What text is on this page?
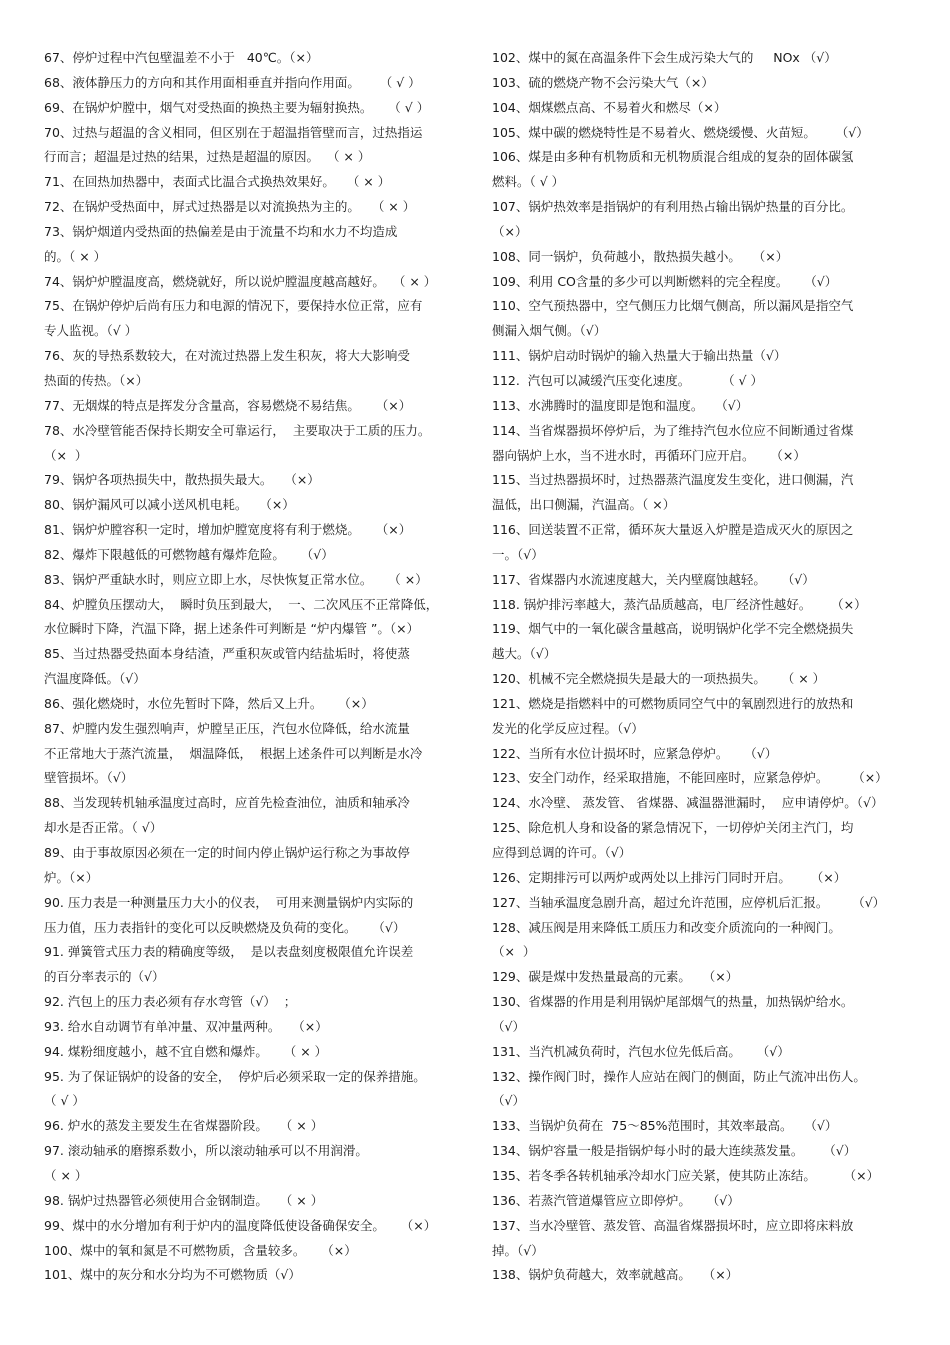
67、停炉过程中汽包壁温差不小于   40℃。（×）
68、液体静压力的方向和其作用面相垂直并指向作用面。     （ √ ）
69、在锅炉炉膛中，烟气对受热面的换热主要为辐射换热。    （ √ ）
70、过热与超温的含义相同，但区别在于超温指管壁而言，过热指运
行而言；超温是过热的结果，过热是超温的原因。  （ × ）
71、在回热加热器中，表面式比温合式换热效果好。   （ × ）
72、在锅炉受热面中，屏式过热器是以对流换热为主的。   （ × ）
73、锅炉烟道内受热面的热偏差是由于流量不均和水力不均造成
的。（ × ）
74、锅炉炉膛温度高，燃烧就好，所以说炉膛温度越高越好。  （ × ）
75、在锅炉停炉后尚有压力和电源的情况下，要保持水位正常，应有
专人监视。（√ ）
76、灰的导热系数较大，在对流过热器上发生积灰，将大大影响受
热面的传热。（×）
77、无烟煤的特点是挥发分含量高，容易燃烧不易结焦。    （×）
78、水冷壁管能否保持长期安全可靠运行，  主要取决于工质的压力。
（×  ）
79、锅炉各项热损失中，散热损失最大。   （×）
80、锅炉漏风可以减小送风机电耗。   （×）
81、锅炉炉膛容积一定时，增加炉膛宽度将有利于燃烧。    （×）
82、爆炸下限越低的可燃物越有爆炸危险。    （√）
83、锅炉严重缺水时，则应立即上水，尽快恢复正常水位。    （ ×）
84、炉膛负压摆动大，  瞬时负压到最大，  一、二次风压不正常降低，
水位瞬时下降，汽温下降，据上述条件可判断是 “炉内爆管 ”。（×）
85、当过热器受热面本身结渣，严重积灰或管内结盐垢时，将使蒸
汽温度降低。（√）
86、强化燃烧时，水位先暂时下降，然后又上升。    （×）
87、炉膛内发生强烈响声，炉膛呈正压，汽包水位降低，给水流量
不正常地大于蒸汽流量，  烟温降低，  根据上述条件可以判断是水冷
壁管损坏。（√）
88、当发现转机轴承温度过高时，应首先检查油位，油质和轴承冷
却水是否正常。（ √）
89、由于事故原因必须在一定的时间内停止锅炉运行称之为事故停
炉。（×）
90. 压力表是一种测量压力大小的仪表，  可用来测量锅炉内实际的
压力值，压力表指针的变化可以反映燃烧及负荷的变化。    （√）
91. 弹簧管式压力表的精确度等级，  是以表盘刻度极限值允许误差
的百分率表示的（√）
92. 汽包上的压力表必须有存水弯管（√）  ；
93. 给水自动调节有单冲量、双冲量两种。   （×）
94. 煤粉细度越小，越不宜自燃和爆炸。    （ × ）
95. 为了保证锅炉的设备的安全，  停炉后必须采取一定的保养措施。
（ √ ）
96. 炉水的蒸发主要发生在省煤器阶段。   （ × ）
97. 滚动轴承的磨擦系数小，所以滚动轴承可以不用润滑。
（ × ）
98. 锅炉过热器管必须使用合金钢制造。   （ × ）
99、煤中的水分增加有利于炉内的温度降低使设备确保安全。    （×）
100、煤中的氧和氮是不可燃物质，含量较多。    （×）
101、煤中的灰分和水分均为不可燃物质（√）
102、煤中的氮在高温条件下会生成污染大气的     NOx （√）
103、硫的燃烧产物不会污染大气（×）
104、烟煤燃点高、不易着火和燃尽（×）
105、煤中碳的燃烧特性是不易着火、燃烧缓慢、火苗短。     （√）
106、煤是由多种有机物质和无机物质混合组成的复杂的固体碳氢
燃料。（ √ ）
107、锅炉热效率是指锅炉的有利用热占输出锅炉热量的百分比。
（×）
108、同一锅炉，负荷越小，散热损失越小。   （×）
109、利用 CO含量的多少可以判断燃料的完全程度。    （√）
110、空气预热器中，空气侧压力比烟气侧高，所以漏风是指空气
侧漏入烟气侧。（√）
111、锅炉启动时锅炉的输入热量大于输出热量（√）
112.  汽包可以减缓汽压变化速度。        （ √ ）
113、水沸腾时的温度即是饱和温度。   （√）
114、当省煤器损坏停炉后，为了维持汽包水位应不间断通过省煤
器向锅炉上水，当不进水时，再循环门应开启。    （×）
115、当过热器损坏时，过热器蒸汽温度发生变化，进口侧漏，汽
温低，出口侧漏，汽温高。（ ×）
116、回送装置不正常，循环灰大量返入炉膛是造成灭火的原因之
一。（√）
117、省煤器内水流速度越大，关内壁腐蚀越轻。    （√）
118. 锅炉排污率越大，蒸汽品质越高，电厂经济性越好。     （×）
119、烟气中的一氧化碳含量越高，说明锅炉化学不完全燃烧损失
越大。（√）
120、机械不完全燃烧损失是最大的一项热损失。    （ × ）
121、燃烧是指燃料中的可燃物质同空气中的氧剧烈进行的放热和
发光的化学反应过程。（√）
122、当所有水位计损坏时，应紧急停炉。    （√）
123、安全门动作，经采取措施，不能回座时，应紧急停炉。      （×）
124、水冷壁、 蒸发管、 省煤器、减温器泄漏时，  应申请停炉。（√）
125、除危机人身和设备的紧急情况下，一切停炉关闭主汽门，均
应得到总调的许可。（√）
126、定期排污可以两炉或两处以上排污门同时开启。     （×）
127、当轴承温度急剧升高，超过允许范围，应停机后汇报。      （√）
128、减压阀是用来降低工质压力和改变介质流向的一种阀门。
（×  ）
129、碳是煤中发热量最高的元素。   （×）
130、省煤器的作用是利用锅炉尾部烟气的热量，加热锅炉给水。
（√）
131、当汽机减负荷时，汽包水位先低后高。    （√）
132、操作阀门时，操作人应站在阀门的侧面，防止气流冲出伤人。
（√）
133、当锅炉负荷在  75～85%范围时，其效率最高。   （√）
134、锅炉容量一般是指锅炉每小时的最大连续蒸发量。     （√）
135、若冬季各转机轴承冷却水门应关紧，使其防止冻结。       （×）
136、若蒸汽管道爆管应立即停炉。    （√）
137、当水冷壁管、蒸发管、高温省煤器损坏时，应立即将床料放
掉。（√）
138、锅炉负荷越大，效率就越高。   （×）
